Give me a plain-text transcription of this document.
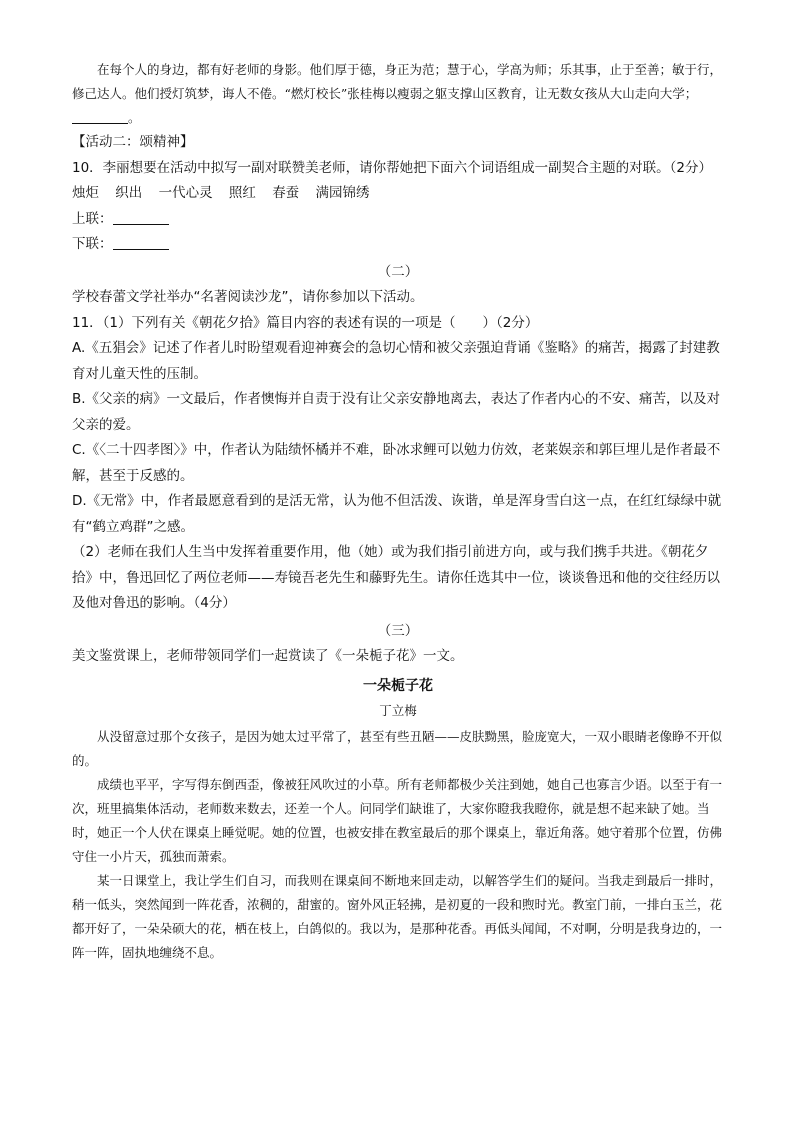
在每个人的身边，都有好老师的身影。他们厚于德，身正为范；慧于心，学高为师；乐其事，止于至善；敏于行，修己达人。他们授灯筑梦，诲人不倦。“燃灯校长”张桂梅以瘦弱之躯支撑山区教育，让无数女孩从大山走向大学；。

【活动二：颂精神】

10．李丽想要在活动中拟写一副对联赞美老师，请你帮她把下面六个词语组成一副契合主题的对联。（2分）

烛炬 织出 一代心灵 照红 春蚕 满园锦绣

上联：

下联：

（二）

学校春蕾文学社举办“名著阅读沙龙”，请你参加以下活动。

11．（1）下列有关《朝花夕拾》篇目内容的表述有误的一项是（　　）（2分）

A.《五猖会》记述了作者儿时盼望观看迎神赛会的急切心情和被父亲强迫背诵《鉴略》的痛苦，揭露了封建教育对儿童天性的压制。

B.《父亲的病》一文最后，作者懊悔并自责于没有让父亲安静地离去，表达了作者内心的不安、痛苦，以及对父亲的爱。

C.《〈二十四孝图〉》中，作者认为陆绩怀橘并不难，卧冰求鲤可以勉力仿效，老莱娱亲和郭巨埋儿是作者最不解，甚至于反感的。

D.《无常》中，作者最愿意看到的是活无常，认为他不但活泼、诙谐，单是浑身雪白这一点，在红红绿绿中就有“鹤立鸡群”之感。

（2）老师在我们人生当中发挥着重要作用，他（她）或为我们指引前进方向，或与我们携手共进。《朝花夕拾》中，鲁迅回忆了两位老师——寿镜吾老先生和藤野先生。请你任选其中一位，谈谈鲁迅和他的交往经历以及他对鲁迅的影响。（4分）

（三）

美文鉴赏课上，老师带领同学们一起赏读了《一朵栀子花》一文。

一朵栀子花

丁立梅

从没留意过那个女孩子，是因为她太过平常了，甚至有些丑陋——皮肤黝黑，脸庞宽大，一双小眼睛老像睁不开似的。

成绩也平平，字写得东倒西歪，像被狂风吹过的小草。所有老师都极少关注到她，她自己也寡言少语。以至于有一次，班里搞集体活动，老师数来数去，还差一个人。问同学们缺谁了，大家你瞪我我瞪你，就是想不起来缺了她。当时，她正一个人伏在课桌上睡觉呢。她的位置，也被安排在教室最后的那个课桌上，靠近角落。她守着那个位置，仿佛守住一小片天，孤独而萧索。

某一日课堂上，我让学生们自习，而我则在课桌间不断地来回走动，以解答学生们的疑问。当我走到最后一排时，稍一低头，突然闻到一阵花香，浓稠的，甜蜜的。窗外风正轻拂，是初夏的一段和煦时光。教室门前，一排白玉兰，花都开好了，一朵朵硕大的花，栖在枝上，白鸽似的。我以为，是那种花香。再低头闻闻，不对啊，分明是我身边的，一阵一阵，固执地缠绕不息。
